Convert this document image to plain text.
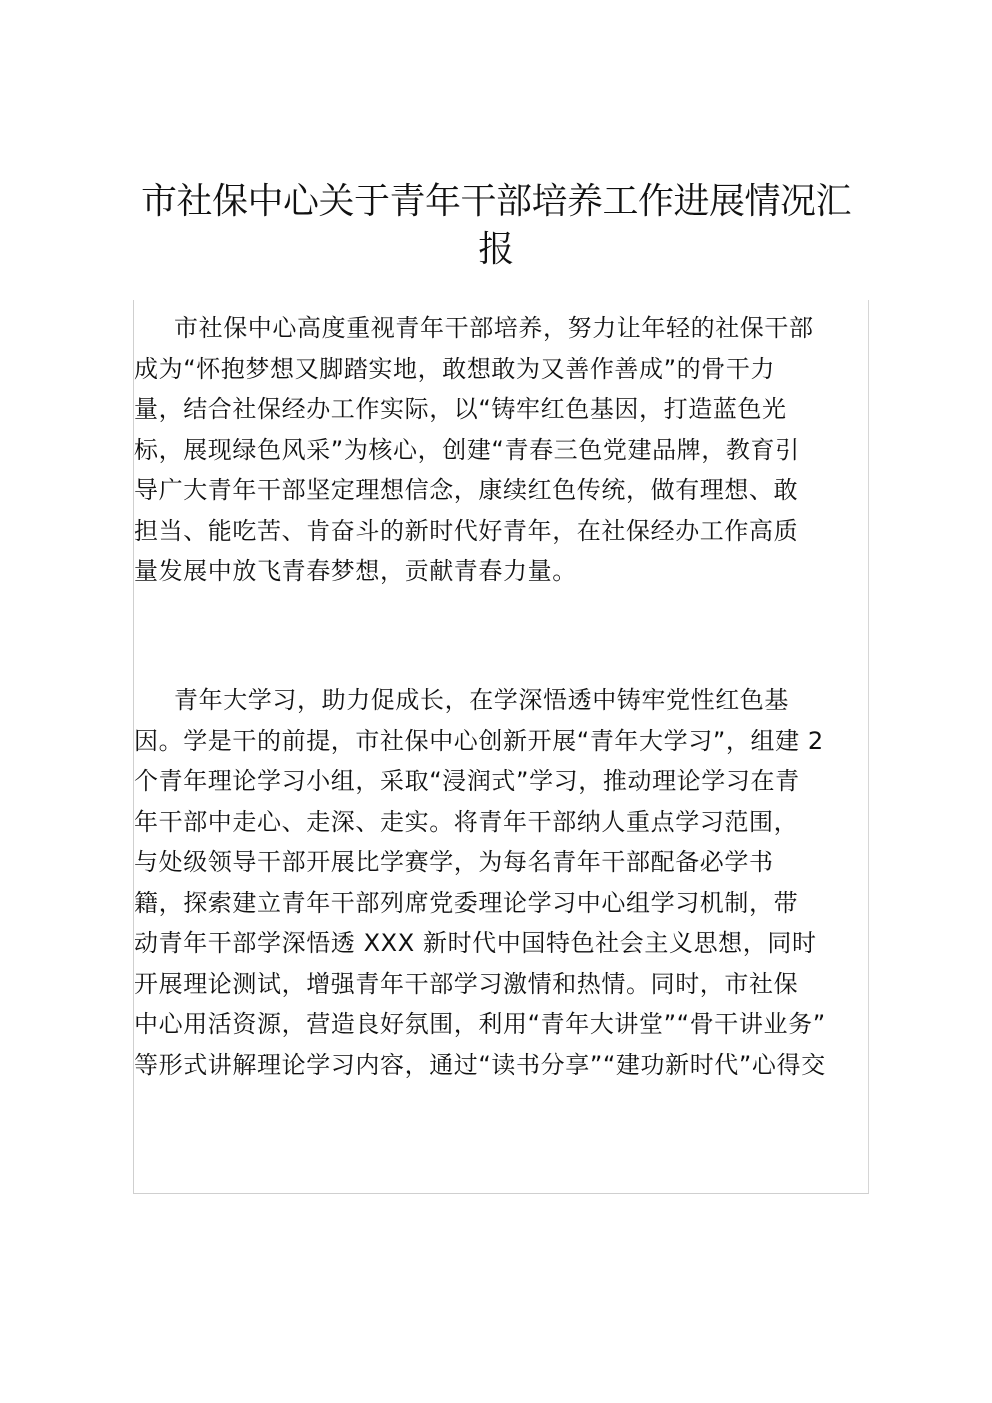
市社保中心关于青年干部培养工作进展情况汇
报
市社保中心高度重视青年干部培养，努力让年轻的社保干部
成为“怀抱梦想又脚踏实地，敢想敢为又善作善成”的骨干力
量，结合社保经办工作实际，以“铸牢红色基因，打造蓝色光
标，展现绿色风采”为核心，创建“青春三色党建品牌，教育引
导广大青年干部坚定理想信念，康续红色传统，做有理想、敢
担当、能吃苦、肯奋斗的新时代好青年，在社保经办工作高质
量发展中放飞青春梦想，贡献青春力量。
青年大学习，助力促成长，在学深悟透中铸牢党性红色基
因。学是干的前提，市社保中心创新开展“青年大学习”，组建 2
个青年理论学习小组，采取“浸润式”学习，推动理论学习在青
年干部中走心、走深、走实。将青年干部纳人重点学习范围，
与处级领导干部开展比学赛学，为每名青年干部配备必学书
籍，探索建立青年干部列席党委理论学习中心组学习机制，带
动青年干部学深悟透 XXX 新时代中国特色社会主义思想，同时
开展理论测试，增强青年干部学习激情和热情。同时，市社保
中心用活资源，营造良好氛围，利用“青年大讲堂”“骨干讲业务”
等形式讲解理论学习内容，通过“读书分享”“建功新时代”心得交
